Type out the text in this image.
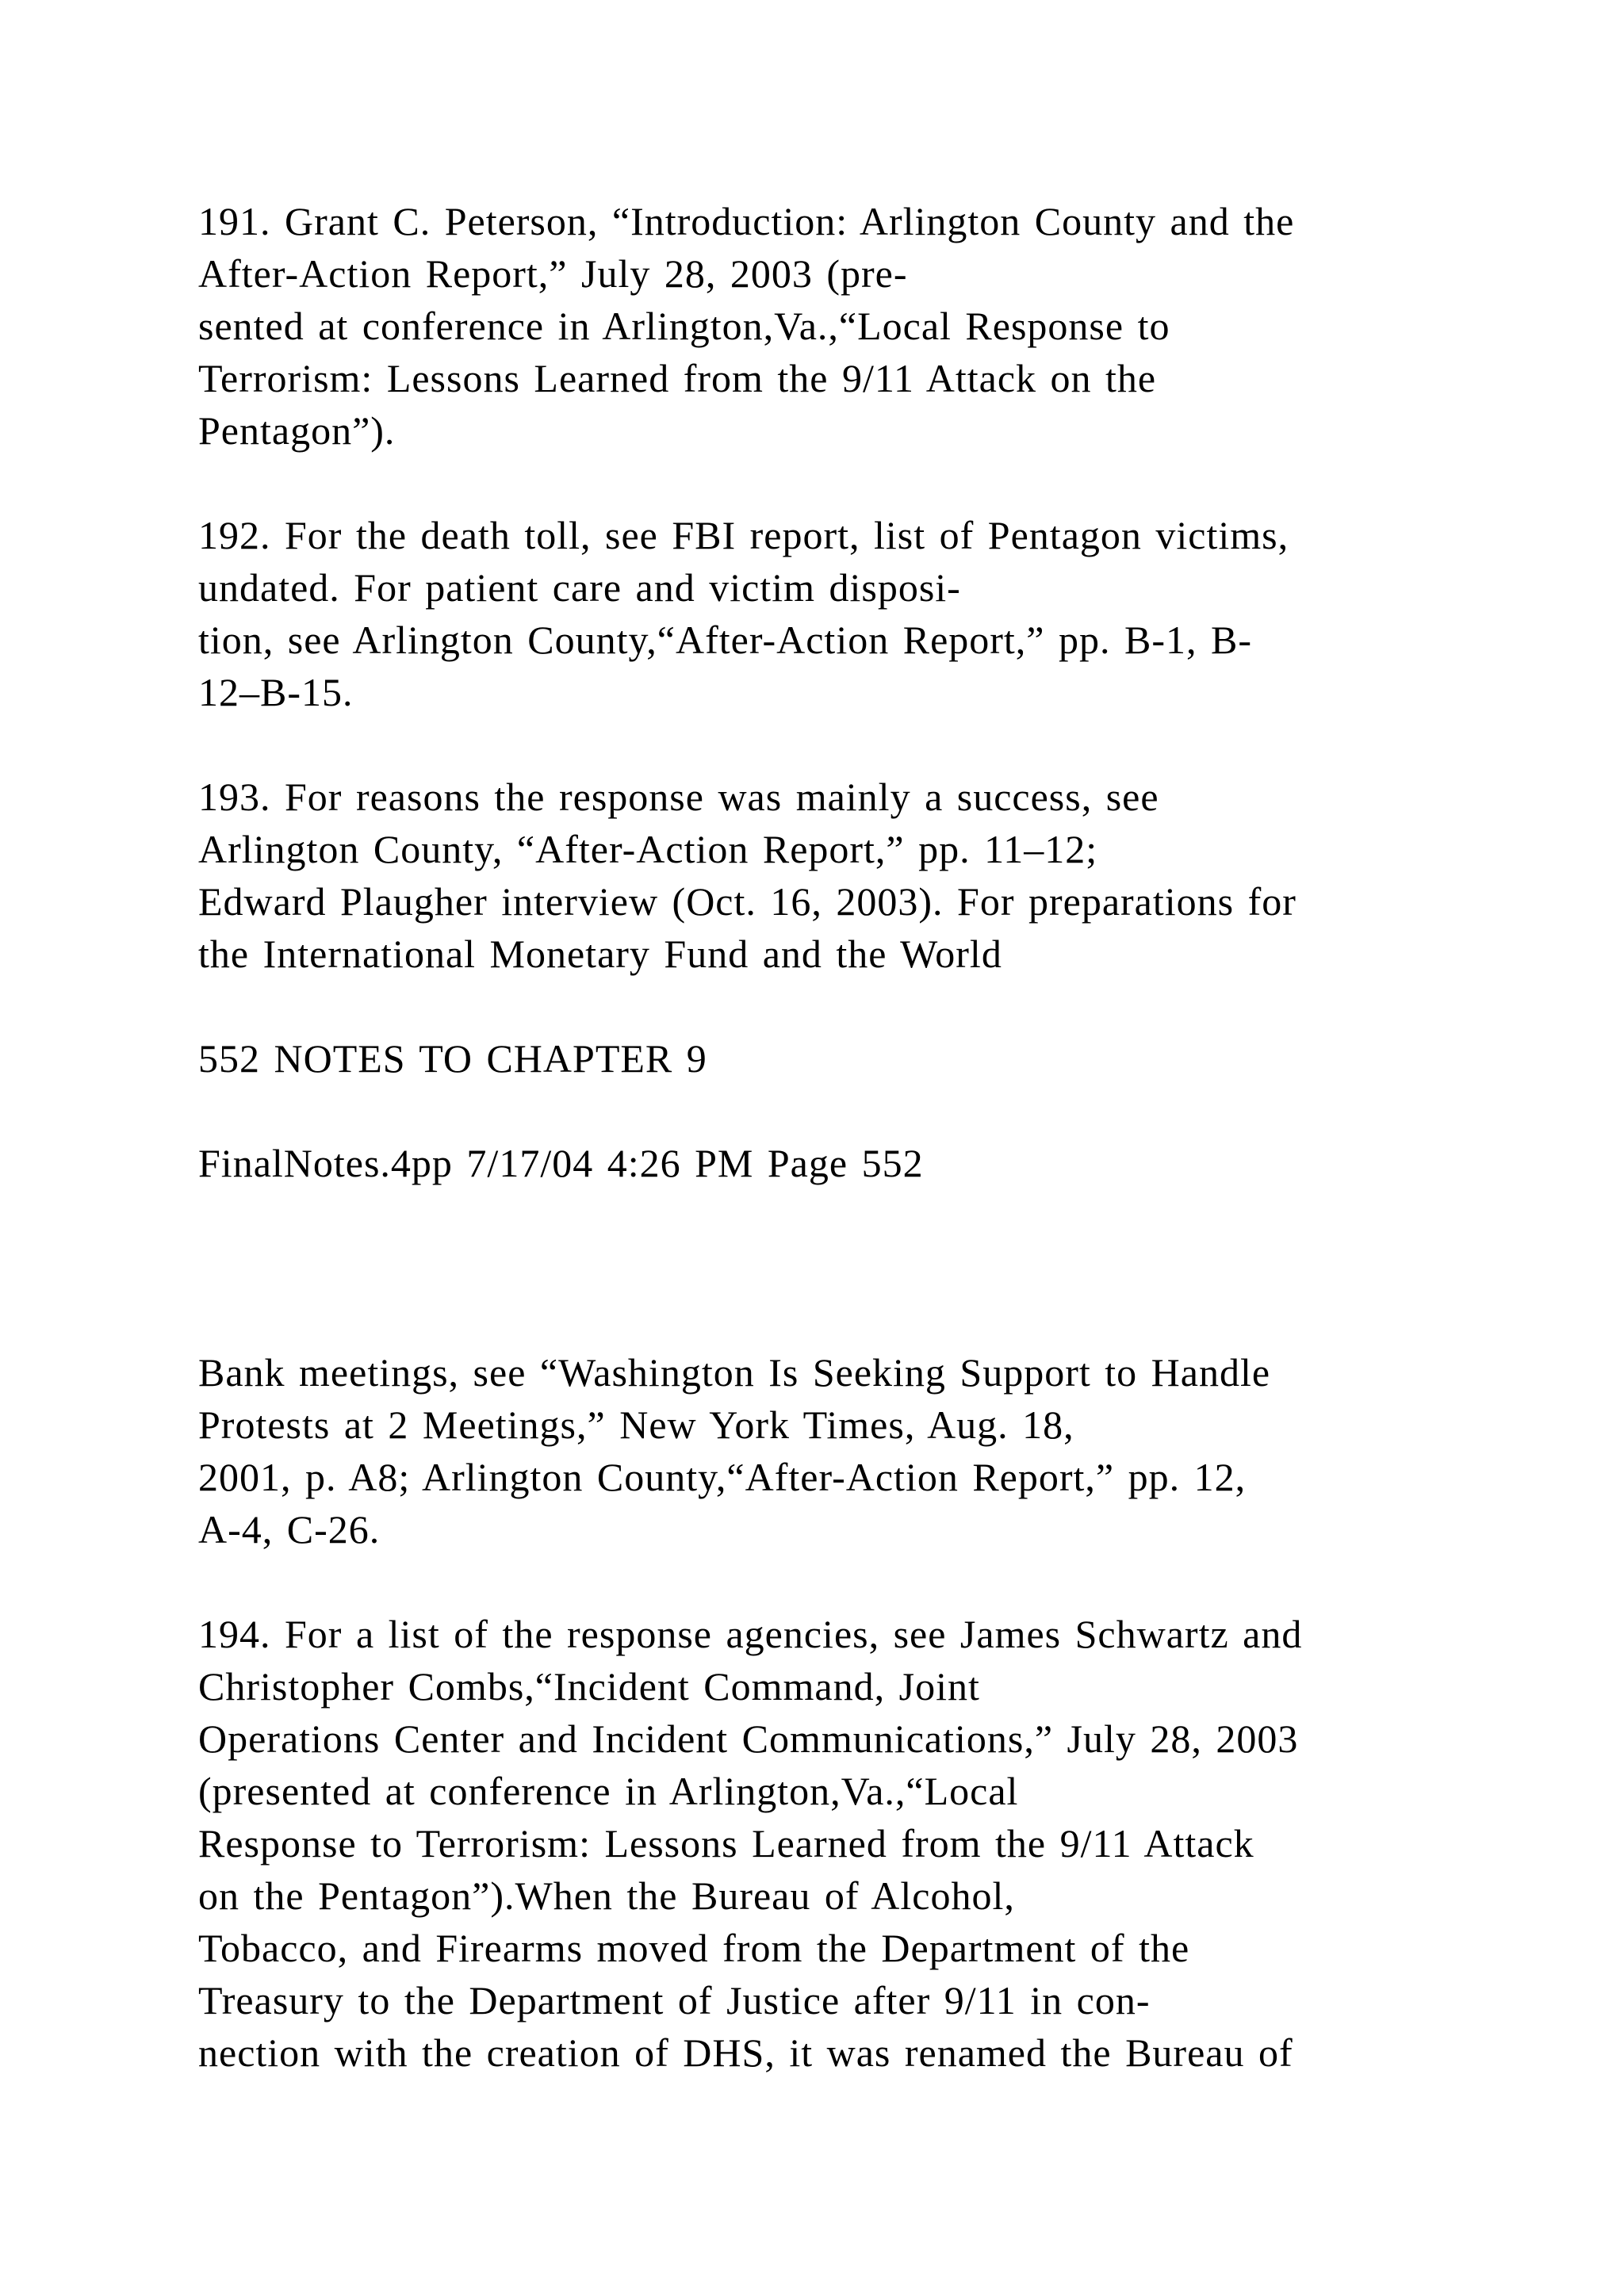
191. Grant C. Peterson, “Introduction: Arlington County and the
After-Action Report,” July 28, 2003 (pre-
sented at conference in Arlington,Va.,“Local Response to
Terrorism: Lessons Learned from the 9/11 Attack on the
Pentagon”).
192. For the death toll, see FBI report, list of Pentagon victims,
undated. For patient care and victim disposi-
tion, see Arlington County,“After-Action Report,” pp. B-1, B-
12–B-15.
193. For reasons the response was mainly a success, see
Arlington County, “After-Action Report,” pp. 11–12;
Edward Plaugher interview (Oct. 16, 2003). For preparations for
the International Monetary Fund and the World
552 NOTES TO CHAPTER 9
FinalNotes.4pp 7/17/04 4:26 PM Page 552
Bank meetings, see “Washington Is Seeking Support to Handle
Protests at 2 Meetings,” New York Times, Aug. 18,
2001, p. A8; Arlington County,“After-Action Report,” pp. 12,
A-4, C-26.
194. For a list of the response agencies, see James Schwartz and
Christopher Combs,“Incident Command, Joint
Operations Center and Incident Communications,” July 28, 2003
(presented at conference in Arlington,Va.,“Local
Response to Terrorism: Lessons Learned from the 9/11 Attack
on the Pentagon”).When the Bureau of Alcohol,
Tobacco, and Firearms moved from the Department of the
Treasury to the Department of Justice after 9/11 in con-
nection with the creation of DHS, it was renamed the Bureau of
